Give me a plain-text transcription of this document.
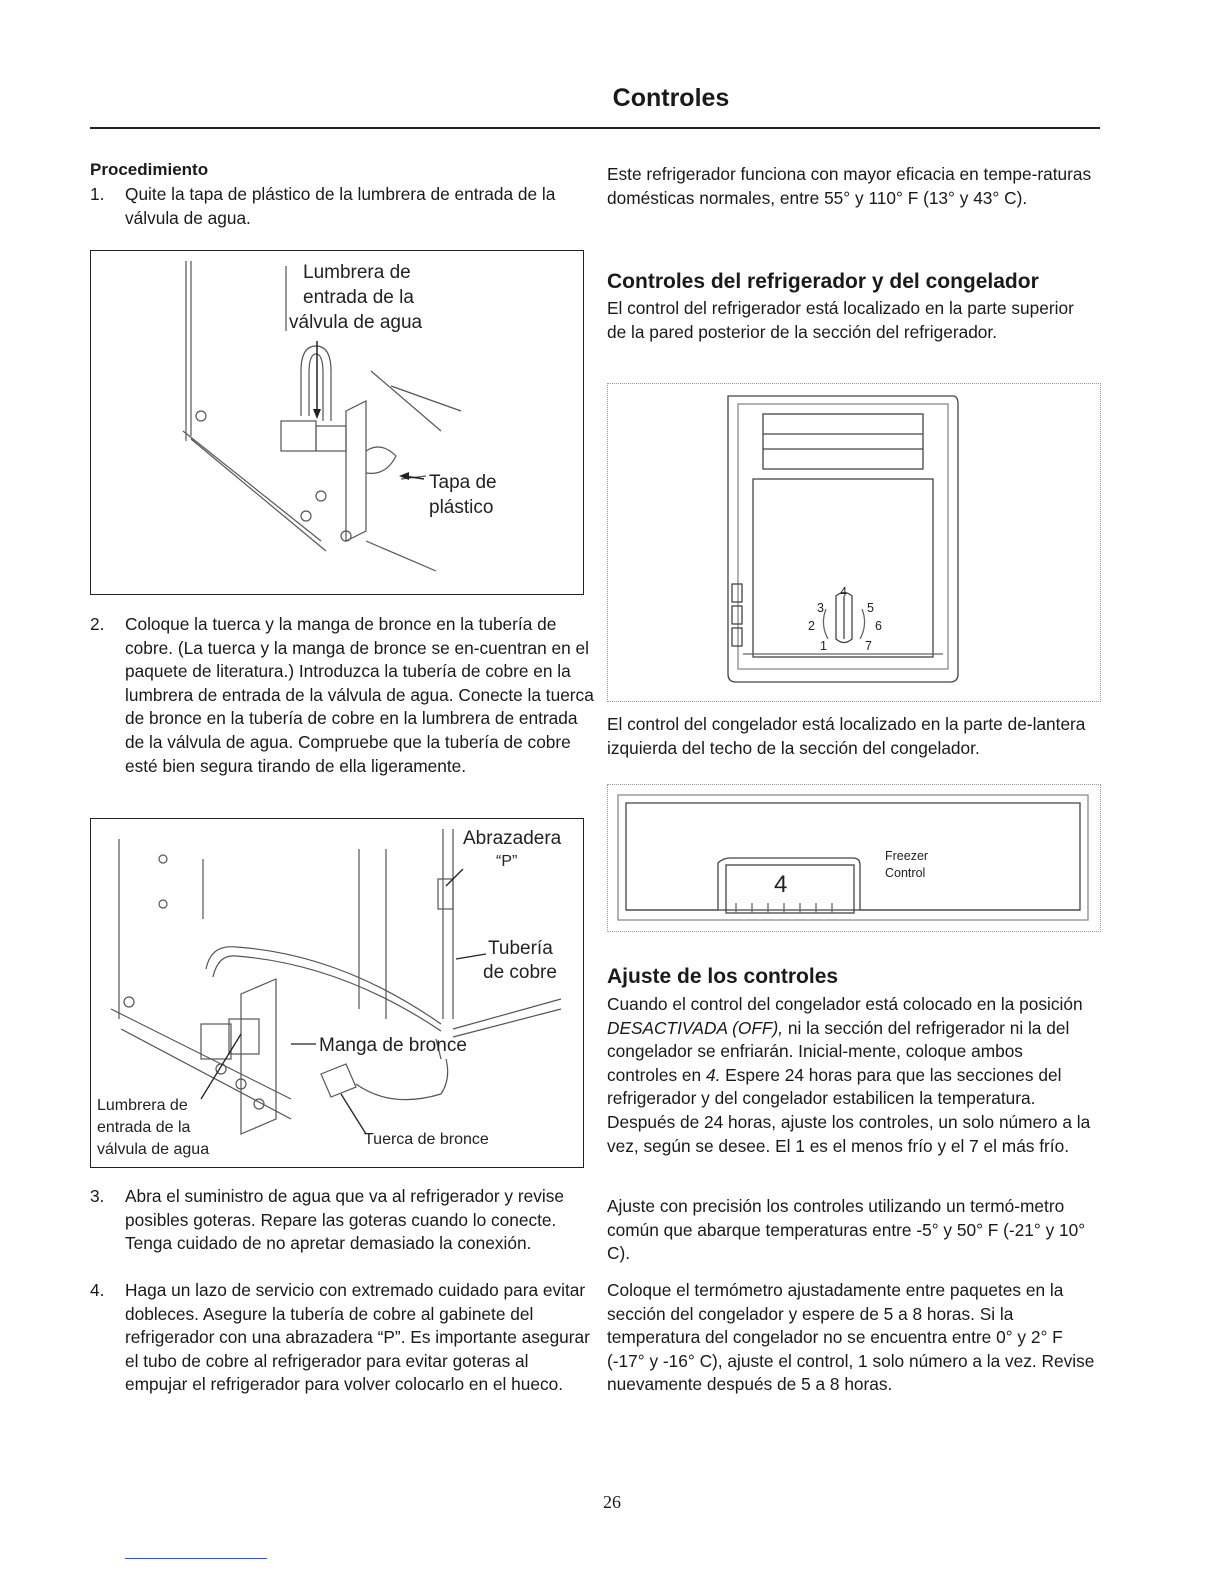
Controles
Procedimiento
1. Quite la tapa de plástico de la lumbrera de entrada de la válvula de agua.
Lumbrera de
entrada de la
válvula de agua
Tapa de
plástico
2. Coloque la tuerca y la manga de bronce en la tubería de cobre. (La tuerca y la manga de bronce se en-cuentran en el paquete de literatura.) Introduzca la tubería de cobre en la lumbrera de entrada de la válvula de agua. Conecte la tuerca de bronce en la tubería de cobre en la lumbrera de entrada de la válvula de agua. Compruebe que la tubería de cobre esté bien segura tirando de ella ligeramente.
Abrazadera
“P”
Tubería
de cobre
Manga de bronce
Lumbrera de
entrada de la
válvula de agua
Tuerca de bronce
3. Abra el suministro de agua que va al refrigerador y revise posibles goteras. Repare las goteras cuando lo conecte. Tenga cuidado de no apretar demasiado la conexión.
4. Haga un lazo de servicio con extremado cuidado para evitar dobleces. Asegure la tubería de cobre al gabinete del refrigerador con una abrazadera “P”. Es importante asegurar el tubo de cobre al refrigerador para evitar goteras al empujar el refrigerador para volver colocarlo en el hueco.
Este refrigerador funciona con mayor eficacia en tempe-raturas domésticas normales, entre 55° y 110° F (13° y 43° C).
Controles del refrigerador y del congelador
El control del refrigerador está localizado en la parte superior de la pared posterior de la sección del refrigerador.
4
3	5
2	6
1	7
El control del congelador está localizado en la parte de-lantera izquierda del techo de la sección del congelador.
4
Freezer
Control
Ajuste de los controles
Cuando el control del congelador está colocado en la posición DESACTIVADA (OFF), ni la sección del refrigerador ni la del congelador se enfriarán. Inicial-mente, coloque ambos controles en 4. Espere 24 horas para que las secciones del refrigerador y del congelador estabilicen la temperatura. Después de 24 horas, ajuste los controles, un solo número a la vez, según se desee. El 1 es el menos frío y el 7 el más frío.
Ajuste con precisión los controles utilizando un termó-metro común que abarque temperaturas entre -5° y 50° F (-21° y 10° C).
Coloque el termómetro ajustadamente entre paquetes en la sección del congelador y espere de 5 a 8 horas. Si la temperatura del congelador no se encuentra entre 0° y 2° F (-17° y -16° C), ajuste el control, 1 solo número a la vez. Revise nuevamente después de 5 a 8 horas.
26
